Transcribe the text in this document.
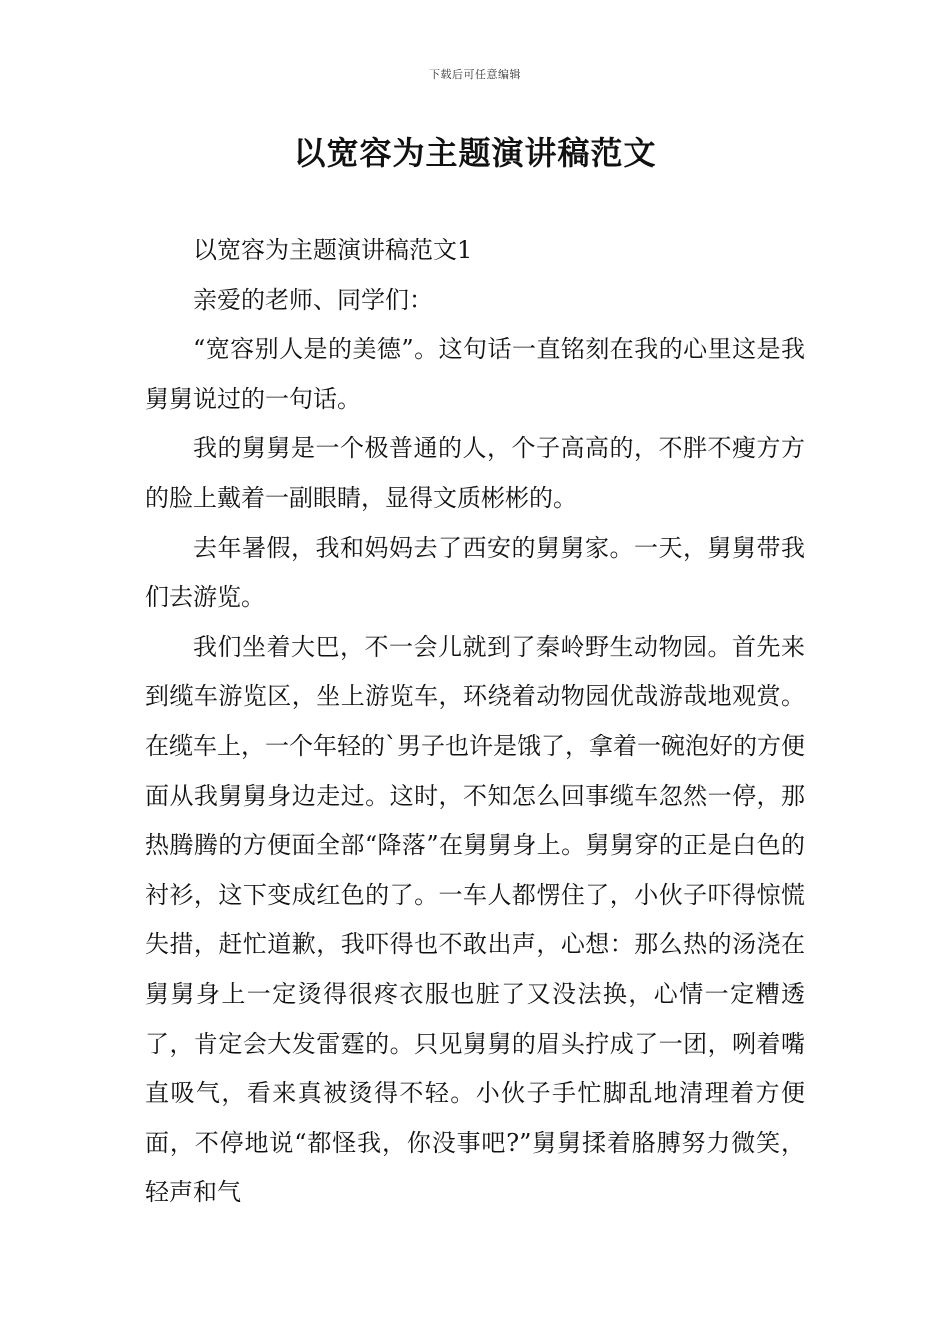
下载后可任意编辑
以宽容为主题演讲稿范文

以宽容为主题演讲稿范文1

亲爱的老师、同学们：

“宽容别人是的美德”。这句话一直铭刻在我的心里这是我舅舅说过的一句话。

我的舅舅是一个极普通的人，个子高高的，不胖不瘦方方的脸上戴着一副眼睛，显得文质彬彬的。

去年暑假，我和妈妈去了西安的舅舅家。一天，舅舅带我们去游览。

我们坐着大巴，不一会儿就到了秦岭野生动物园。首先来到缆车游览区，坐上游览车，环绕着动物园优哉游哉地观赏。在缆车上，一个年轻的`男子也许是饿了，拿着一碗泡好的方便面从我舅舅身边走过。这时，不知怎么回事缆车忽然一停，那热腾腾的方便面全部“降落”在舅舅身上。舅舅穿的正是白色的衬衫，这下变成红色的了。一车人都愣住了，小伙子吓得惊慌失措，赶忙道歉，我吓得也不敢出声，心想：那么热的汤浇在舅舅身上一定烫得很疼衣服也脏了又没法换，心情一定糟透了，肯定会大发雷霆的。只见舅舅的眉头拧成了一团，咧着嘴直吸气，看来真被烫得不轻。小伙子手忙脚乱地清理着方便面，不停地说“都怪我，你没事吧?”舅舅揉着胳膊努力微笑，轻声和气
